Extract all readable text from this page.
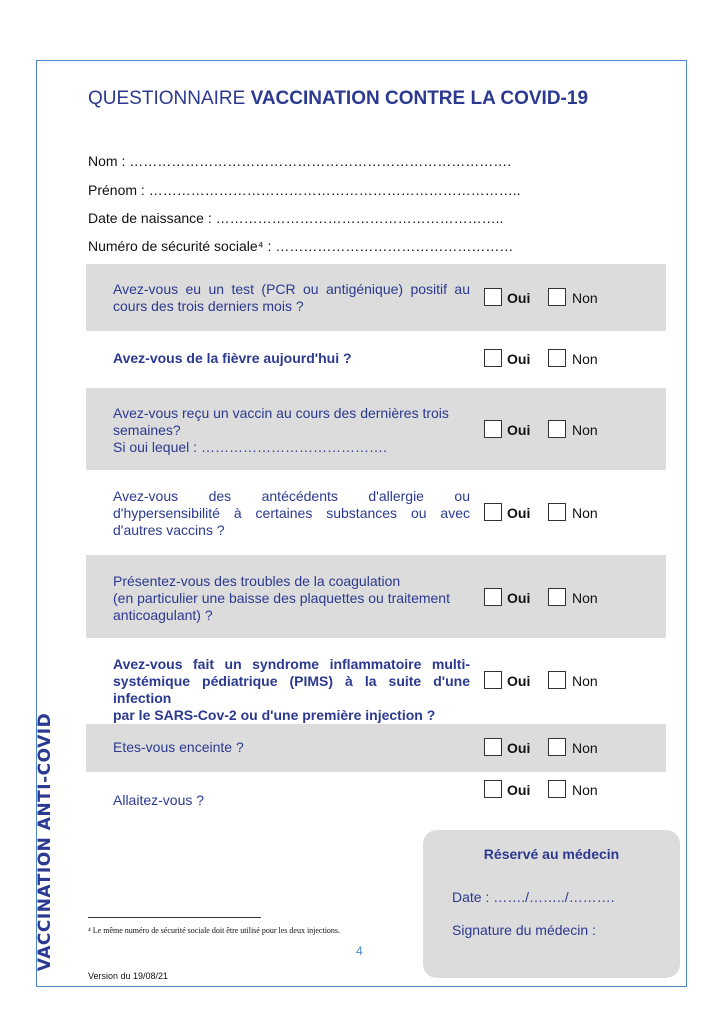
VACCINATION ANTI-COVID
QUESTIONNAIRE VACCINATION CONTRE LA COVID-19
Nom : ……………………………………………………………………….
Prénom : ……………………………………………………………………..
Date de naissance : ……………………………………………………..
Numéro de sécurité sociale⁴ : ……………………………………………
Avez-vous eu un test (PCR ou antigénique) positif au
cours des trois derniers mois ?	Oui	Non
Avez-vous de la fièvre aujourd'hui ?	Oui	Non
Avez-vous reçu un vaccin au cours des dernières trois
semaines?
Si oui lequel : ………………………………….
Oui	Non
Avez-vous des antécédents d'allergie ou
d'hypersensibilité à certaines substances ou avec
d'autres vaccins ?
Oui	Non
Présentez-vous des troubles de la coagulation
(en particulier une baisse des plaquettes ou traitement
anticoagulant) ?
Oui	Non
Avez-vous fait un syndrome inflammatoire multi-
systémique pédiatrique (PIMS) à la suite d'une infection
par le SARS-Cov-2 ou d'une première injection ?
Oui	Non
Etes-vous enceinte ?	Oui	Non
Allaitez-vous ?
Oui	Non
Réservé au médecin
Date : ……./……../……….
Signature du médecin :
⁴ Le même numéro de sécurité sociale doit être utilisé pour les deux injections.
4
Version du 19/08/21
